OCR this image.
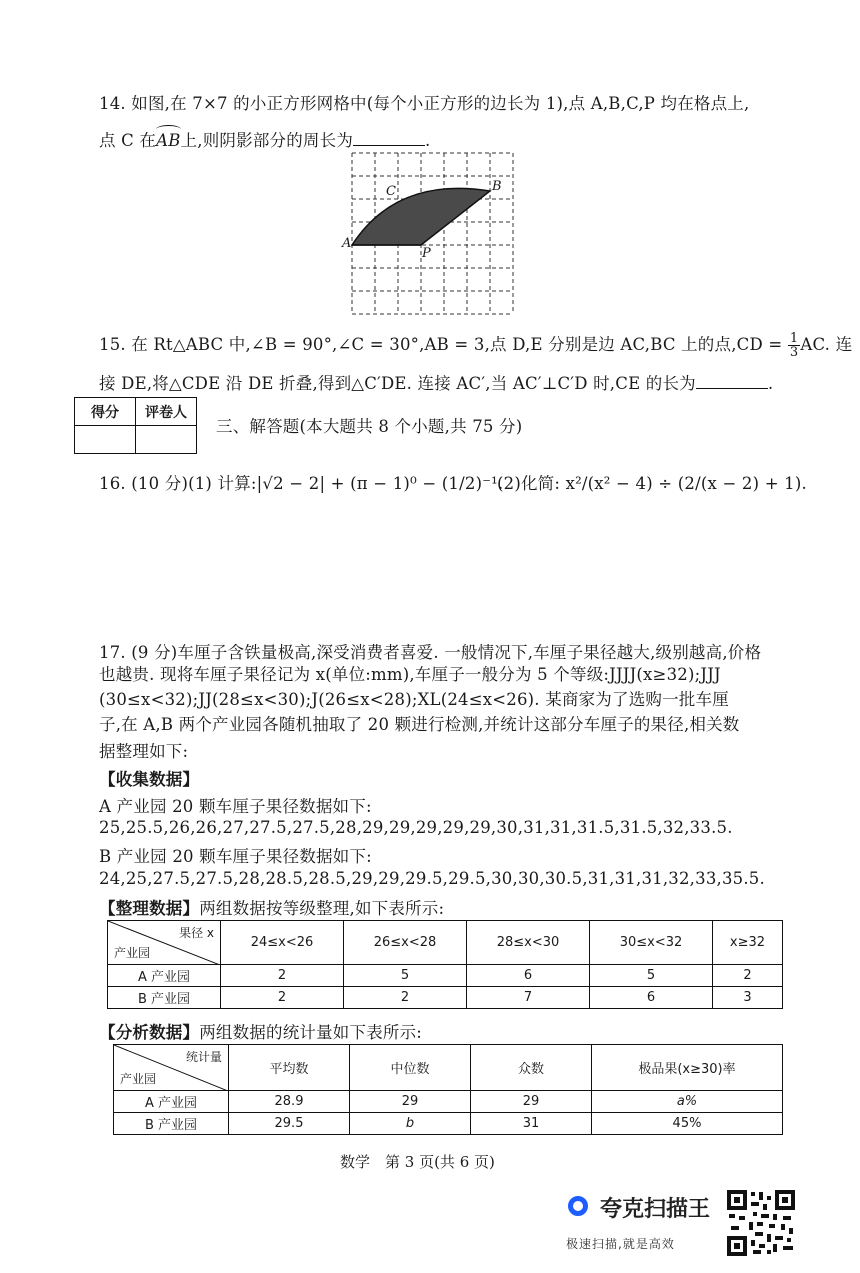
14. 如图,在 7×7 的小正方形网格中(每个小正方形的边长为 1),点 A,B,C,P 均在格点上,
点 C 在
AB上,则阴影部分的周长为	.
A
B
C
P
15. 在 Rt△ABC 中,∠B = 90°,∠C = 30°,AB = 3,点 D,E 分别是边 AC,BC 上的点$,CD = \frac{1}{3}$ AC. 连
接 DE,将△CDE 沿 DE 折叠,得到△C′DE. 连接 AC′,当 AC′⊥C′D 时,CE 的长为	.
得分	评卷人

三、解答题(本大题共 8 个小题,共 75 分)
16. (10 分)(1) 计算:|√2 − 2| + (π − 1)⁰ − (1/2)⁻¹.
(2)化简: x²/(x² − 4) ÷ (2/(x − 2) + 1).
17. (9 分)车厘子含铁量极高,深受消费者喜爱. 一般情况下,车厘子果径越大,级别越高,价格
也越贵. 现将车厘子果径记为 x(单位:mm),车厘子一般分为 5 个等级:JJJJ(x≥32);JJJ
(30≤x<32);JJ(28≤x<30);J(26≤x<28);XL(24≤x<26). 某商家为了选购一批车厘
子,在 A,B 两个产业园各随机抽取了 20 颗进行检测,并统计这部分车厘子的果径,相关数
据整理如下:
【收集数据】
A 产业园 20 颗车厘子果径数据如下:
25,25.5,26,26,27,27.5,27.5,28,29,29,29,29,29,30,31,31,31.5,31.5,32,33.5.
B 产业园 20 颗车厘子果径数据如下:
24,25,27.5,27.5,28,28.5,28.5,29,29,29.5,29.5,30,30,30.5,31,31,31,32,33,35.5.
【整理数据】两组数据按等级整理,如下表所示:
果径 x
产业园	24≤x<26	26≤x<28	28≤x<30	30≤x<32	x≥32
A 产业园	2	5	6	5	2
B 产业园	2	2	7	6	3
【分析数据】两组数据的统计量如下表所示:
统计量
产业园	平均数	中位数	众数	极品果(x≥30)率
A 产业园	28.9	29	29	a%
B 产业园	29.5	b	31	45%
数学　第 3 页(共 6 页)
夸克扫描王
极速扫描,就是高效
